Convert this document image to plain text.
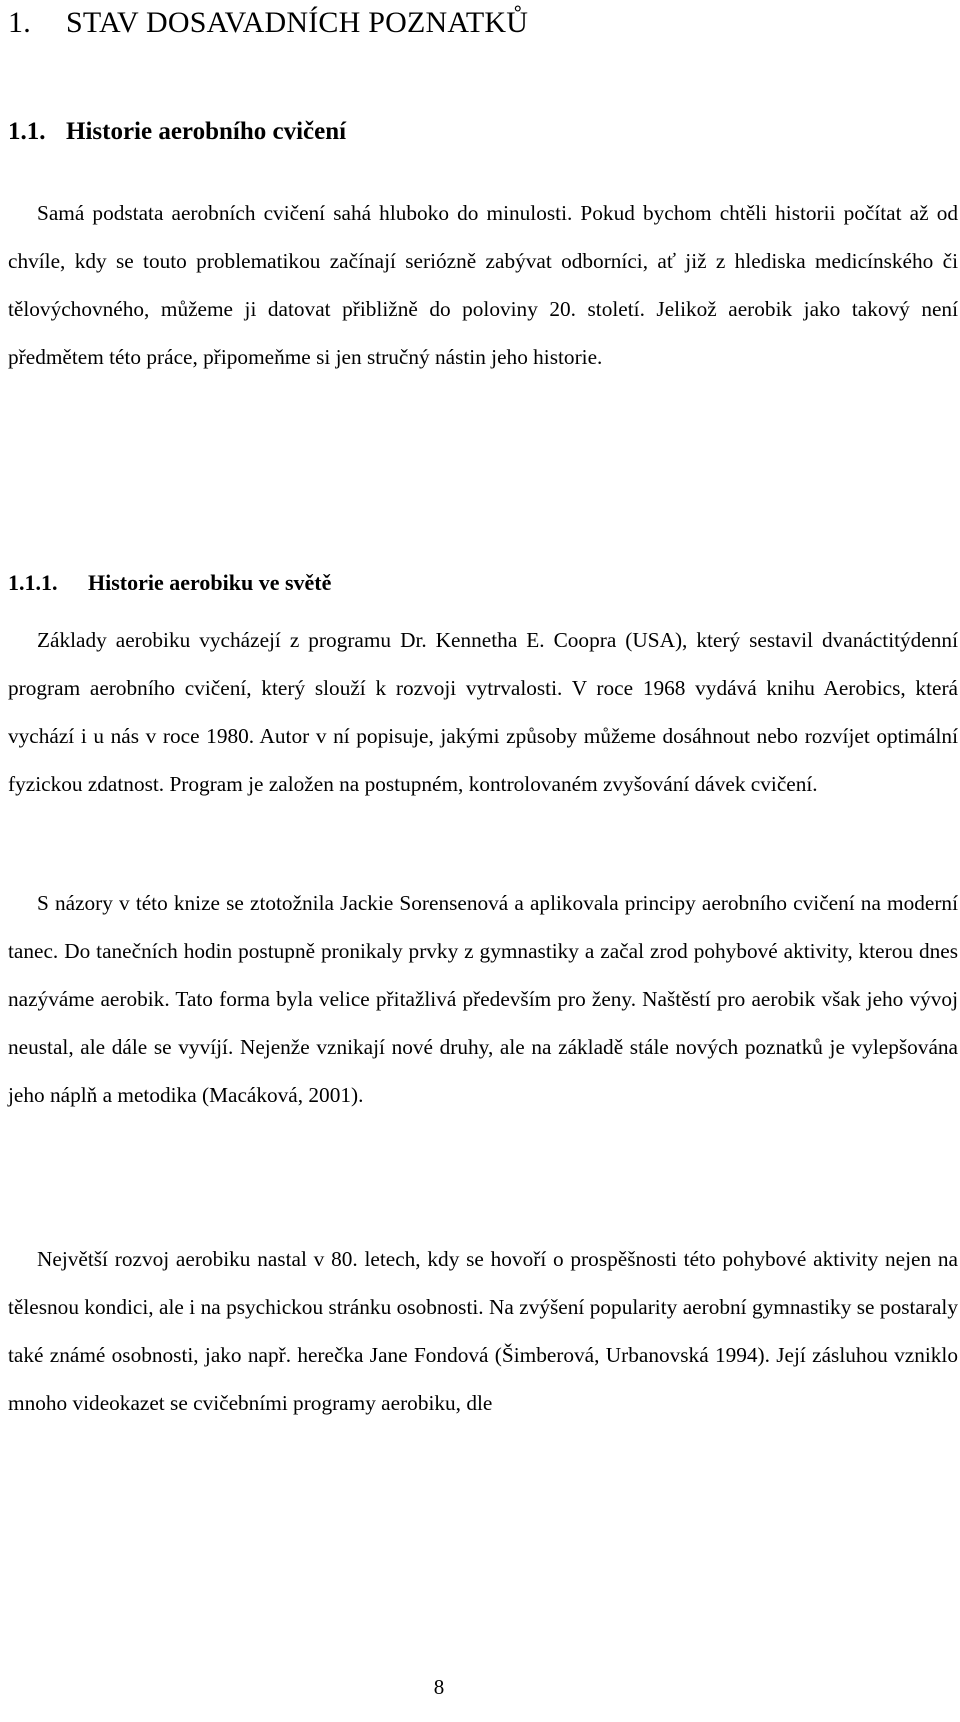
1. STAV DOSAVADNÍCH POZNATKŮ
1.1. Historie aerobního cvičení

Samá podstata aerobních cvičení sahá hluboko do minulosti. Pokud bychom chtěli historii počítat až od chvíle, kdy se touto problematikou začínají seriózně zabývat odborníci, ať již z hlediska medicínského či tělovýchovného, můžeme ji datovat přibližně do poloviny 20. století. Jelikož aerobik jako takový není předmětem této práce, připomeňme si jen stručný nástin jeho historie.

1.1.1. Historie aerobiku ve světě

Základy aerobiku vycházejí z programu Dr. Kennetha E. Coopra (USA), který sestavil dvanáctitýdenní program aerobního cvičení, který slouží k rozvoji vytrvalosti. V roce 1968 vydává knihu Aerobics, která vychází i u nás v roce 1980. Autor v ní popisuje, jakými způsoby můžeme dosáhnout nebo rozvíjet optimální fyzickou zdatnost. Program je založen na postupném, kontrolovaném zvyšování dávek cvičení.

S názory v této knize se ztotožnila Jackie Sorensenová a aplikovala principy aerobního cvičení na moderní tanec. Do tanečních hodin postupně pronikaly prvky z gymnastiky a začal zrod pohybové aktivity, kterou dnes nazýváme aerobik. Tato forma byla velice přitažlivá především pro ženy. Naštěstí pro aerobik však jeho vývoj neustal, ale dále se vyvíjí. Nejenže vznikají nové druhy, ale na základě stále nových poznatků je vylepšována jeho náplň a metodika (Macáková, 2001).

Největší rozvoj aerobiku nastal v 80. letech, kdy se hovoří o prospěšnosti této pohybové aktivity nejen na tělesnou kondici, ale i na psychickou stránku osobnosti. Na zvýšení popularity aerobní gymnastiky se postaraly také známé osobnosti, jako např. herečka Jane Fondová (Šimberová, Urbanovská 1994). Její zásluhou vzniklo mnoho videokazet se cvičebními programy aerobiku, dle

8
